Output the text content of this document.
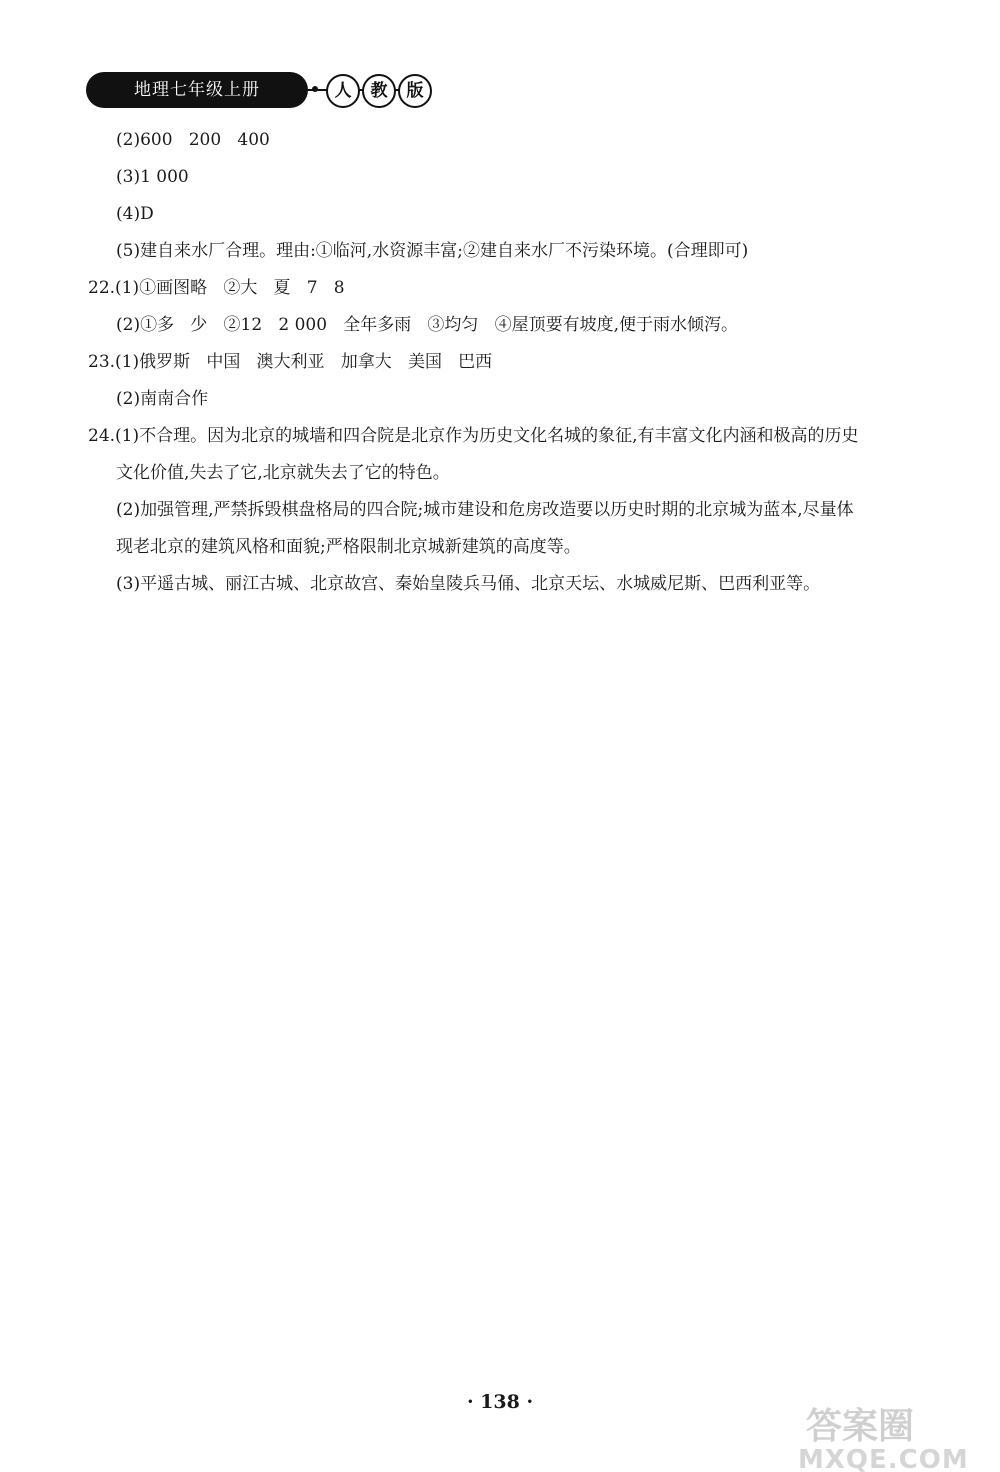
地理七年级上册	人	教	版
(2)600   200   400
(3)1 000
(4)D
(5)建自来水厂合理。理由:①临河,水资源丰富;②建自来水厂不污染环境。(合理即可)
22.(1)①画图略   ②大   夏   7   8
(2)①多   少   ②12   2 000   全年多雨   ③均匀   ④屋顶要有坡度,便于雨水倾泻。
23.(1)俄罗斯   中国   澳大利亚   加拿大   美国   巴西
(2)南南合作
24.(1)不合理。因为北京的城墙和四合院是北京作为历史文化名城的象征,有丰富文化内涵和极高的历史
文化价值,失去了它,北京就失去了它的特色。
(2)加强管理,严禁拆毁棋盘格局的四合院;城市建设和危房改造要以历史时期的北京城为蓝本,尽量体
现老北京的建筑风格和面貌;严格限制北京城新建筑的高度等。
(3)平遥古城、丽江古城、北京故宫、秦始皇陵兵马俑、北京天坛、水城威尼斯、巴西利亚等。
· 138 ·
答案圈
MXQE.COM
